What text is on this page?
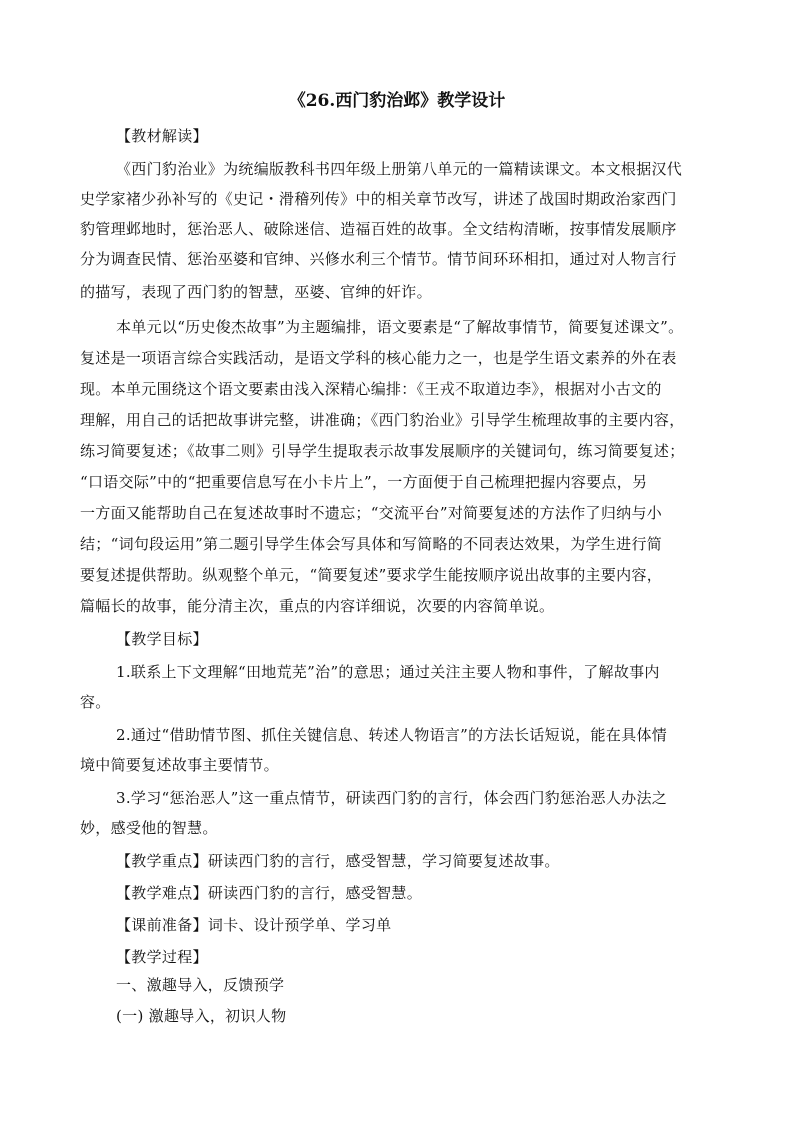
《26.西门豹治邺》教学设计
【教材解读】
《西门豹治业》为统编版教科书四年级上册第八单元的一篇精读课文。本文根据汉代
史学家褚少孙补写的《史记・滑稽列传》中的相关章节改写，讲述了战国时期政治家西门
豹管理邺地时，惩治恶人、破除迷信、造福百姓的故事。全文结构清晰，按事情发展顺序
分为调查民情、惩治巫婆和官绅、兴修水利三个情节。情节间环环相扣，通过对人物言行
的描写，表现了西门豹的智慧，巫婆、官绅的奸诈。
本单元以“历史俊杰故事”为主题编排，语文要素是“了解故事情节，简要复述课文”。
复述是一项语言综合实践活动，是语文学科的核心能力之一，也是学生语文素养的外在表
现。本单元围绕这个语文要素由浅入深精心编排：《王戎不取道边李》，根据对小古文的
理解，用自己的话把故事讲完整，讲准确；《西门豹治业》引导学生梳理故事的主要内容，
练习简要复述；《故事二则》引导学生提取表示故事发展顺序的关键词句，练习简要复述；
“口语交际”中的“把重要信息写在小卡片上”，一方面便于自己梳理把握内容要点，另
一方面又能帮助自己在复述故事时不遗忘；“交流平台”对简要复述的方法作了归纳与小
结；“词句段运用”第二题引导学生体会写具体和写简略的不同表达效果，为学生进行简
要复述提供帮助。纵观整个单元，“简要复述”要求学生能按顺序说出故事的主要内容，
篇幅长的故事，能分清主次，重点的内容详细说，次要的内容简单说。
【教学目标】
1.联系上下文理解“田地荒芜”治”的意思；通过关注主要人物和事件，了解故事内
容。
2.通过“借助情节图、抓住关键信息、转述人物语言”的方法长话短说，能在具体情
境中简要复述故事主要情节。
3.学习“惩治恶人”这一重点情节，研读西门豹的言行，体会西门豹惩治恶人办法之
妙，感受他的智慧。
【教学重点】研读西门豹的言行，感受智慧，学习简要复述故事。
【教学难点】研读西门豹的言行，感受智慧。
【课前准备】词卡、设计预学单、学习单
【教学过程】
一、激趣导入，反馈预学
(一) 激趣导入，初识人物
